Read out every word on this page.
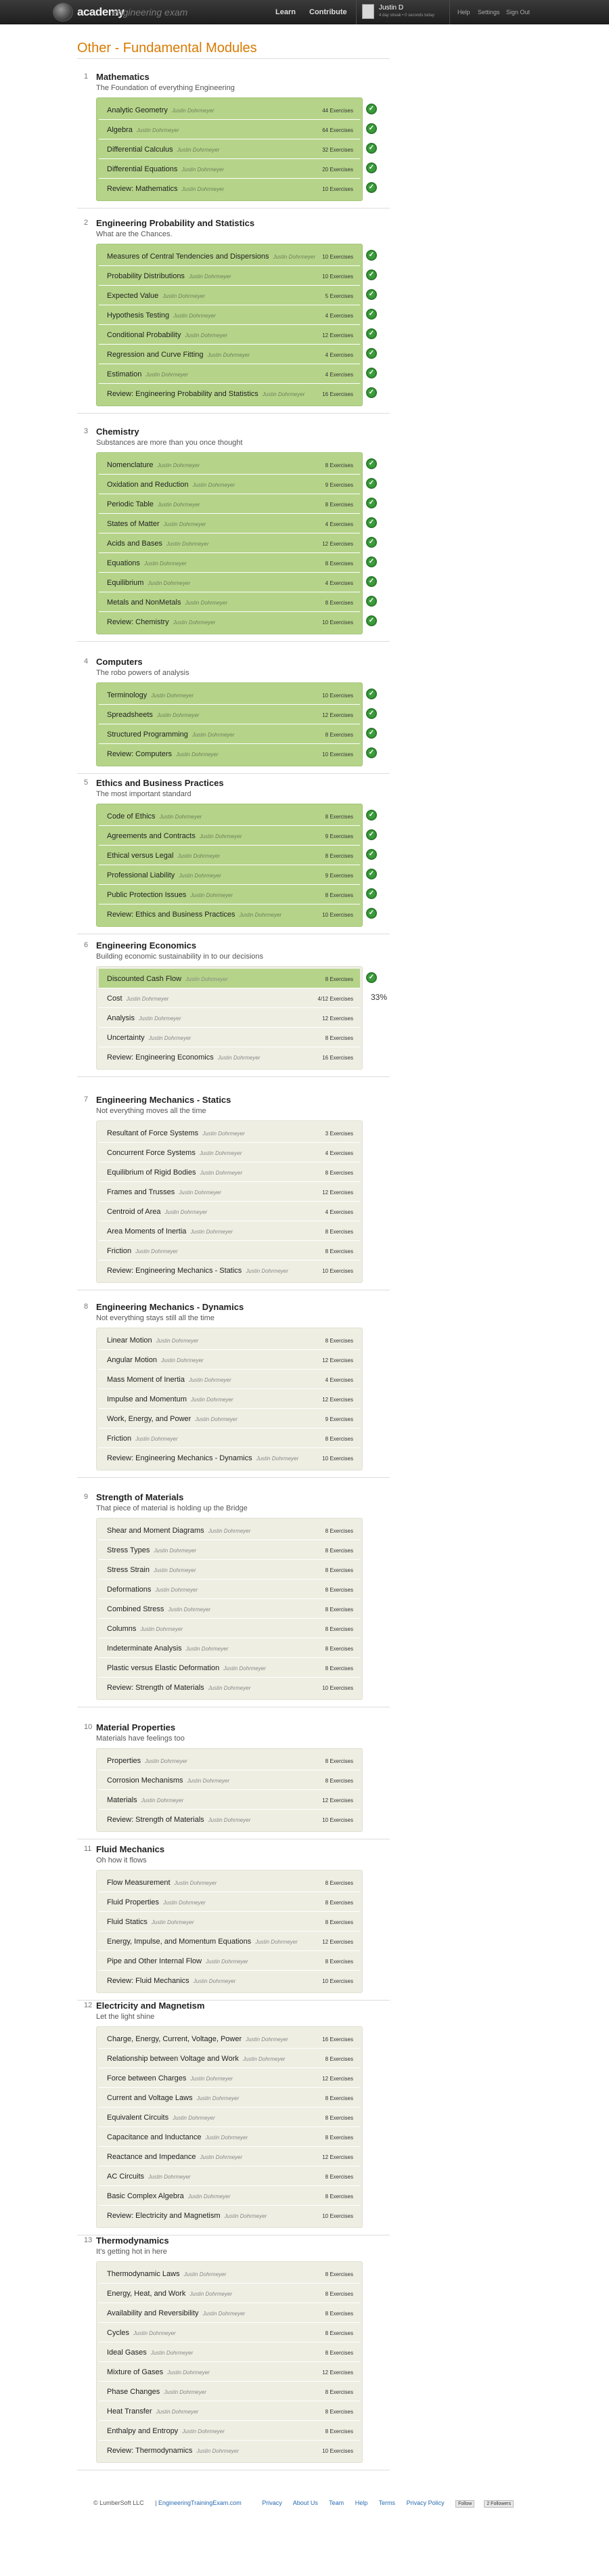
academy
engineering exam	Learn Contribute
Justin D
4 day streak • 0 seconds today	Help Settings Sign Out
Other - Fundamental Modules
1 Mathematics
The Foundation of everything Engineering
✓
✓
✓
✓
✓
Analytic Geometry Justin Dohrmeyer	44 Exercises
Algebra Justin Dohrmeyer	64 Exercises
Differential Calculus Justin Dohrmeyer	32 Exercises
Differential Equations Justin Dohrmeyer	20 Exercises
Review: Mathematics Justin Dohrmeyer	10 Exercises
2 Engineering Probability and Statistics
What are the Chances.
✓
✓
✓
✓
✓
✓
✓
✓
Measures of Central Tendencies and Dispersions Justin Dohrmeyer 10 Exercises
Probability Distributions Justin Dohrmeyer	10 Exercises
Expected Value Justin Dohrmeyer	5 Exercises
Hypothesis Testing Justin Dohrmeyer	4 Exercises
Conditional Probability Justin Dohrmeyer	12 Exercises
Regression and Curve Fitting Justin Dohrmeyer	4 Exercises
Estimation Justin Dohrmeyer	4 Exercises
Review: Engineering Probability and Statistics Justin Dohrmeyer	16 Exercises
3 Chemistry
Substances are more than you once thought
✓
✓
✓
✓
✓
✓
✓
✓
✓
Nomenclature Justin Dohrmeyer	8 Exercises
Oxidation and Reduction Justin Dohrmeyer	9 Exercises
Periodic Table Justin Dohrmeyer	8 Exercises
States of Matter Justin Dohrmeyer	4 Exercises
Acids and Bases Justin Dohrmeyer	12 Exercises
Equations Justin Dohrmeyer	8 Exercises
Equilibrium Justin Dohrmeyer	4 Exercises
Metals and NonMetals Justin Dohrmeyer	8 Exercises
Review: Chemistry Justin Dohrmeyer	10 Exercises
4 Computers
The robo powers of analysis
✓
✓
✓
✓
Terminology Justin Dohrmeyer	10 Exercises
Spreadsheets Justin Dohrmeyer	12 Exercises
Structured Programming Justin Dohrmeyer	8 Exercises
Review: Computers Justin Dohrmeyer	10 Exercises
5 Ethics and Business Practices
The most important standard
✓
✓
✓
✓
✓
✓
Code of Ethics Justin Dohrmeyer	8 Exercises
Agreements and Contracts Justin Dohrmeyer	9 Exercises
Ethical versus Legal Justin Dohrmeyer	8 Exercises
Professional Liability Justin Dohrmeyer	9 Exercises
Public Protection Issues Justin Dohrmeyer	8 Exercises
Review: Ethics and Business Practices Justin Dohrmeyer	10 Exercises
6 Engineering Economics
Building economic sustainability in to our decisions
✓
33%
Discounted Cash Flow Justin Dohrmeyer	8 Exercises
Cost Justin Dohrmeyer	4/12 Exercises
Analysis Justin Dohrmeyer	12 Exercises
Uncertainty Justin Dohrmeyer	8 Exercises
Review: Engineering Economics Justin Dohrmeyer	16 Exercises
7 Engineering Mechanics - Statics
Not everything moves all the time
Resultant of Force Systems Justin Dohrmeyer	3 Exercises
Concurrent Force Systems Justin Dohrmeyer	4 Exercises
Equilibrium of Rigid Bodies Justin Dohrmeyer	8 Exercises
Frames and Trusses Justin Dohrmeyer	12 Exercises
Centroid of Area Justin Dohrmeyer	4 Exercises
Area Moments of Inertia Justin Dohrmeyer	8 Exercises
Friction Justin Dohrmeyer	8 Exercises
Review: Engineering Mechanics - Statics Justin Dohrmeyer	10 Exercises
8 Engineering Mechanics - Dynamics
Not everything stays still all the time
Linear Motion Justin Dohrmeyer	8 Exercises
Angular Motion Justin Dohrmeyer	12 Exercises
Mass Moment of Inertia Justin Dohrmeyer	4 Exercises
Impulse and Momentum Justin Dohrmeyer	12 Exercises
Work, Energy, and Power Justin Dohrmeyer	9 Exercises
Friction Justin Dohrmeyer	8 Exercises
Review: Engineering Mechanics - Dynamics Justin Dohrmeyer	10 Exercises
9 Strength of Materials
That piece of material is holding up the Bridge
Shear and Moment Diagrams Justin Dohrmeyer	8 Exercises
Stress Types Justin Dohrmeyer	8 Exercises
Stress Strain Justin Dohrmeyer	8 Exercises
Deformations Justin Dohrmeyer	8 Exercises
Combined Stress Justin Dohrmeyer	8 Exercises
Columns Justin Dohrmeyer	8 Exercises
Indeterminate Analysis Justin Dohrmeyer	8 Exercises
Plastic versus Elastic Deformation Justin Dohrmeyer	8 Exercises
Review: Strength of Materials Justin Dohrmeyer	10 Exercises
10 Material Properties
Materials have feelings too
Properties Justin Dohrmeyer	8 Exercises
Corrosion Mechanisms Justin Dohrmeyer	8 Exercises
Materials Justin Dohrmeyer	12 Exercises
Review: Strength of Materials Justin Dohrmeyer	10 Exercises
11 Fluid Mechanics
Oh how it flows
Flow Measurement Justin Dohrmeyer	8 Exercises
Fluid Properties Justin Dohrmeyer	8 Exercises
Fluid Statics Justin Dohrmeyer	8 Exercises
Energy, Impulse, and Momentum Equations Justin Dohrmeyer	12 Exercises
Pipe and Other Internal Flow Justin Dohrmeyer	8 Exercises
Review: Fluid Mechanics Justin Dohrmeyer	10 Exercises
12 Electricity and Magnetism
Let the light shine
Charge, Energy, Current, Voltage, Power Justin Dohrmeyer	16 Exercises
Relationship between Voltage and Work Justin Dohrmeyer	8 Exercises
Force between Charges Justin Dohrmeyer	12 Exercises
Current and Voltage Laws Justin Dohrmeyer	8 Exercises
Equivalent Circuits Justin Dohrmeyer	8 Exercises
Capacitance and Inductance Justin Dohrmeyer	8 Exercises
Reactance and Impedance Justin Dohrmeyer	12 Exercises
AC Circuits Justin Dohrmeyer	8 Exercises
Basic Complex Algebra Justin Dohrmeyer	8 Exercises
Review: Electricity and Magnetism Justin Dohrmeyer	10 Exercises
13 Thermodynamics
It's getting hot in here
Thermodynamic Laws Justin Dohrmeyer	8 Exercises
Energy, Heat, and Work Justin Dohrmeyer	8 Exercises
Availability and Reversibility Justin Dohrmeyer	8 Exercises
Cycles Justin Dohrmeyer	8 Exercises
Ideal Gases Justin Dohrmeyer	8 Exercises
Mixture of Gases Justin Dohrmeyer	12 Exercises
Phase Changes Justin Dohrmeyer	8 Exercises
Heat Transfer Justin Dohrmeyer	8 Exercises
Enthalpy and Entropy Justin Dohrmeyer	8 Exercises
Review: Thermodynamics Justin Dohrmeyer	10 Exercises
© LumberSoft LLC | EngineeringTrainingExam.com	Privacy About Us Team Help Terms Privacy Policy	Follow	2 Followers
